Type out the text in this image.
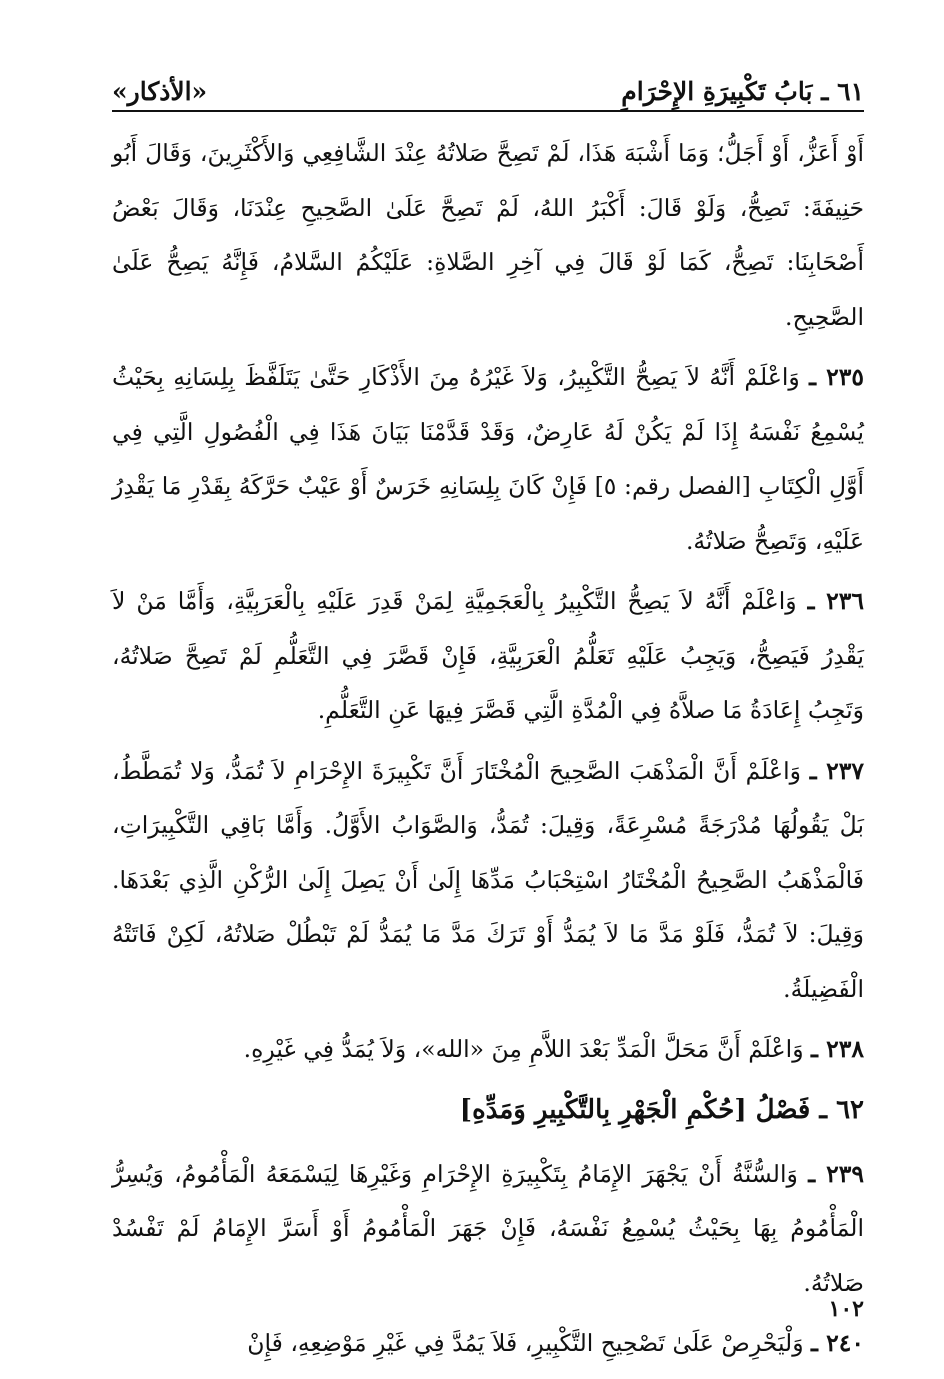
٦١ ـ بَابُ تَكْبِيرَةِ الإِحْرَامِ
«الأذكار»

أَوْ أَعَزُّ، أَوْ أَجَلُّ؛ وَمَا أَشْبَهَ هَذَا، لَمْ تَصِحَّ صَلاتُهُ عِنْدَ الشَّافِعِي وَالأَكْثَرِينَ، وَقَالَ أَبُو حَنِيفَةَ: تَصِحُّ، وَلَوْ قَالَ: أَكْبَرُ اللهُ، لَمْ تَصِحَّ عَلَىٰ الصَّحِيحِ عِنْدَنَا، وَقَالَ بَعْضُ أَصْحَابِنَا: تَصِحُّ، كَمَا لَوْ قَالَ فِي آخِرِ الصَّلاةِ: عَلَيْكُمُ السَّلامُ، فَإِنَّهُ يَصِحُّ عَلَىٰ الصَّحِيحِ.

٢٣٥ ـ وَاعْلَمْ أَنَّهُ لاَ يَصِحُّ التَّكْبِيرُ، وَلاَ غَيْرُهُ مِنَ الأَذْكَارِ حَتَّىٰ يَتَلَفَّظَ بِلِسَانِهِ بِحَيْثُ يُسْمِعُ نَفْسَهُ إِذَا لَمْ يَكُنْ لَهُ عَارِضٌ، وَقَدْ قَدَّمْنَا بَيَانَ هَذَا فِي الْفُصُولِ الَّتِي فِي أَوَّلِ الْكِتَابِ [الفصل رقم: ٥] فَإِنْ كَانَ بِلِسَانِهِ خَرَسٌ أَوْ عَيْبٌ حَرَّكَهُ بِقَدْرِ مَا يَقْدِرُ عَلَيْهِ، وَتَصِحُّ صَلاتُهُ.

٢٣٦ ـ وَاعْلَمْ أَنَّهُ لاَ يَصِحُّ التَّكْبِيرُ بِالْعَجَمِيَّةِ لِمَنْ قَدِرَ عَلَيْهِ بِالْعَرَبِيَّةِ، وَأَمَّا مَنْ لاَ يَقْدِرُ فَيَصِحُّ، وَيَجِبُ عَلَيْهِ تَعَلُّمُ الْعَرَبِيَّةِ، فَإِنْ قَصَّرَ فِي التَّعَلُّمِ لَمْ تَصِحَّ صَلاتُهُ، وَتَجِبُ إِعَادَةُ مَا صلاَّهُ فِي الْمُدَّةِ الَّتِي قَصَّرَ فِيهَا عَنِ التَّعَلُّمِ.

٢٣٧ ـ وَاعْلَمْ أَنَّ الْمَذْهَبَ الصَّحِيحَ الْمُخْتَارَ أَنَّ تَكْبِيرَةَ الإِحْرَامِ لاَ تُمَدُّ، وَلا تُمَطَّطُ، بَلْ يَقُولُهَا مُدْرَجَةً مُسْرِعَةً، وَقِيلَ: تُمَدُّ، وَالصَّوَابُ الأَوَّلُ. وَأَمَّا بَاقِي التَّكْبِيرَاتِ، فَالْمَذْهَبُ الصَّحِيحُ الْمُخْتَارُ اسْتِحْبَابُ مَدِّهَا إِلَىٰ أَنْ يَصِلَ إِلَىٰ الرُّكْنِ الَّذِي بَعْدَهَا. وَقِيلَ: لاَ تُمَدُّ، فَلَوْ مَدَّ مَا لاَ يُمَدُّ أَوْ تَرَكَ مَدَّ مَا يُمَدُّ لَمْ تَبْطُلْ صَلاتُهُ، لَكِنْ فَاتَتْهُ الْفَضِيلَةُ.

٢٣٨ ـ وَاعْلَمْ أَنَّ مَحَلَّ الْمَدِّ بَعْدَ اللاَّمِ مِنَ «الله»، وَلاَ يُمَدُّ فِي غَيْرِهِ.

٦٢ ـ فَصْلُ [حُكْمِ الْجَهْرِ بِالتَّكْبِيرِ وَمَدِّهِ]

٢٣٩ ـ وَالسُّنَّةُ أَنْ يَجْهَرَ الإِمَامُ بِتَكْبِيرَةِ الإِحْرَامِ وَغَيْرِهَا لِيَسْمَعَهُ الْمَأْمُومُ، وَيُسِرُّ الْمَأْمُومُ بِهَا بِحَيْثُ يُسْمِعُ نَفْسَهُ، فَإِنْ جَهَرَ الْمَأْمُومُ أَوْ أَسَرَّ الإِمَامُ لَمْ تَفْسُدْ صَلاتُهُ.

٢٤٠ ـ وَلْيَحْرِصْ عَلَىٰ تَصْحِيحِ التَّكْبِيرِ، فَلاَ يَمُدَّ فِي غَيْرِ مَوْضِعِهِ، فَإِنْ

١٠٢
